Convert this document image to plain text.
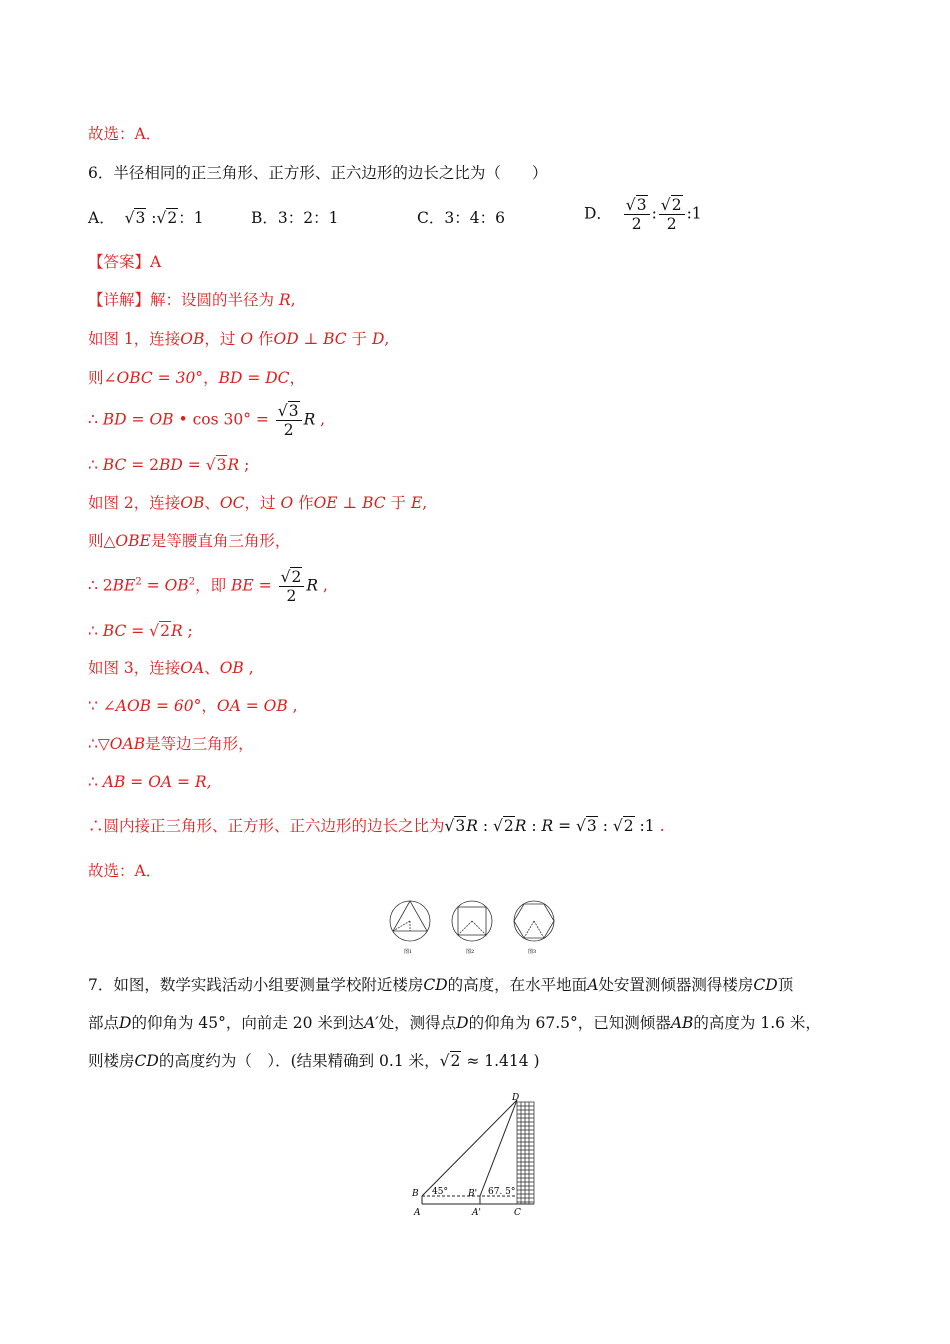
故选：A．
6．半径相同的正三角形、正方形、正六边形的边长之比为（　　）
A． √3 :√2：1	B．3：2：1	C．3：4：6	D． $\frac{√3}{2}$ : $\frac{√2}{2}$ :1
【答案】A
【详解】解：设圆的半径为 R,
如图 1，连接OB，过 O 作OD ⊥ BC 于 D,
则∠OBC = 30°，BD = DC，
∴ BD = OB • $\cos 30^\circ = \frac{√3}{2}$ R ,
∴ BC = 2BD = √3R ;
如图 2，连接OB、OC，过 O 作OE ⊥ BC 于 E,
则△OBE是等腰直角三角形，
∴ $2BE^2 = OB^2$，即 BE = $\frac{√2}{2}$ R ,
∴ BC = √2R ;
如图 3，连接OA、OB ,
∵ ∠AOB = 60°，OA = OB ,
∴▽OAB是等边三角形，
∴ AB = OA = R,
∴圆内接正三角形、正方形、正六边形的边长之比为√3R : √2R : R = √3 : √2 :1 .
故选：A．
图1	图2	图3
7．如图，数学实践活动小组要测量学校附近楼房CD的高度，在水平地面A处安置测倾器测得楼房CD顶
部点D的仰角为 45°，向前走 20 米到达A′处，测得点D的仰角为 67.5°，已知测倾器AB的高度为 1.6 米，
则楼房CD的高度约为（　）．(结果精确到 0.1 米，√2 ≈ 1.414 )
45°	67. 5°
D
B	B'
A	A'	C
